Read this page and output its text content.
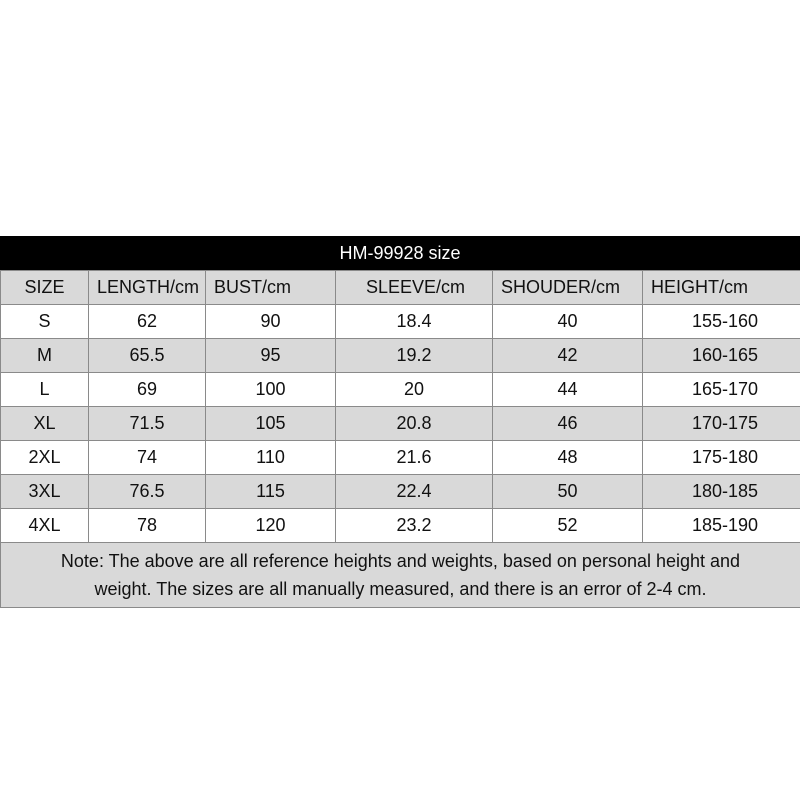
HM-99928 size
SIZE	LENGTH/cm	BUST/cm	SLEEVE/cm	SHOUDER/cm	HEIGHT/cm
S	62	90	18.4	40	155-160
M	65.5	95	19.2	42	160-165
L	69	100	20	44	165-170
XL	71.5	105	20.8	46	170-175
2XL	74	110	21.6	48	175-180
3XL	76.5	115	22.4	50	180-185
4XL	78	120	23.2	52	185-190
Note: The above are all reference heights and weights, based on personal height and weight. The sizes are all manually measured, and there is an error of 2-4 cm.					
